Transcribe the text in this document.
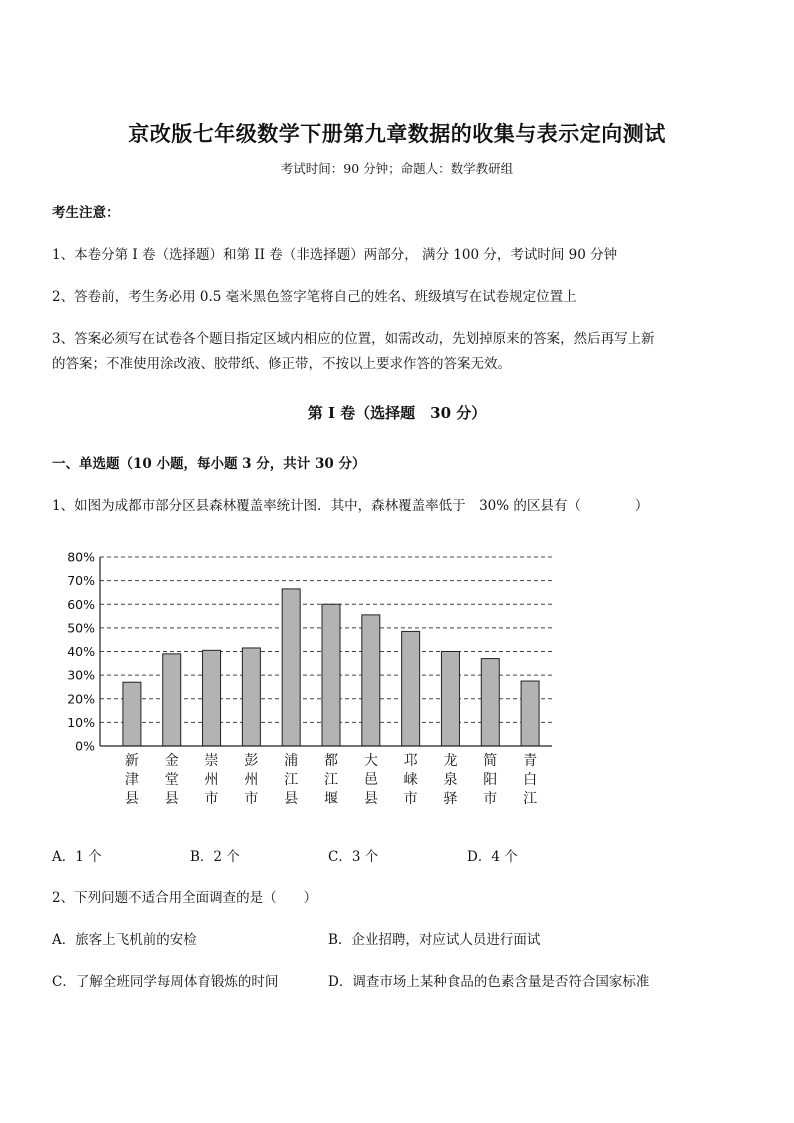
京改版七年级数学下册第九章数据的收集与表示定向测试
考试时间：90 分钟；命题人：数学教研组
考生注意：
1、本卷分第 I 卷（选择题）和第 II 卷（非选择题）两部分， 满分 100 分，考试时间 90 分钟
2、答卷前，考生务必用 0.5 毫米黑色签字笔将自己的姓名、班级填写在试卷规定位置上
3、答案必须写在试卷各个题目指定区域内相应的位置，如需改动，先划掉原来的答案，然后再写上新
的答案；不准使用涂改液、胶带纸、修正带，不按以上要求作答的答案无效。
第 I 卷（选择题　30 分）
一、单选题（10 小题，每小题 3 分，共计 30 分）
1、如图为成都市部分区县森林覆盖率统计图．其中，森林覆盖率低于　30% 的区县有（　　　　）
0%
10%
20%
30%
40%
50%
60%
70%
80%
新
津
县
金
堂
县
崇
州
市
彭
州
市
浦
江
县
都
江
堰
大
邑
县
邛
崃
市
龙
泉
驿
简
阳
市
青
白
江
A．1 个	B．2 个	C．3 个	D．4 个
2、下列问题不适合用全面调查的是（　　）
A．旅客上飞机前的安检	B．企业招聘，对应试人员进行面试
C．了解全班同学每周体育锻炼的时间	D．调查市场上某种食品的色素含量是否符合国家标准
